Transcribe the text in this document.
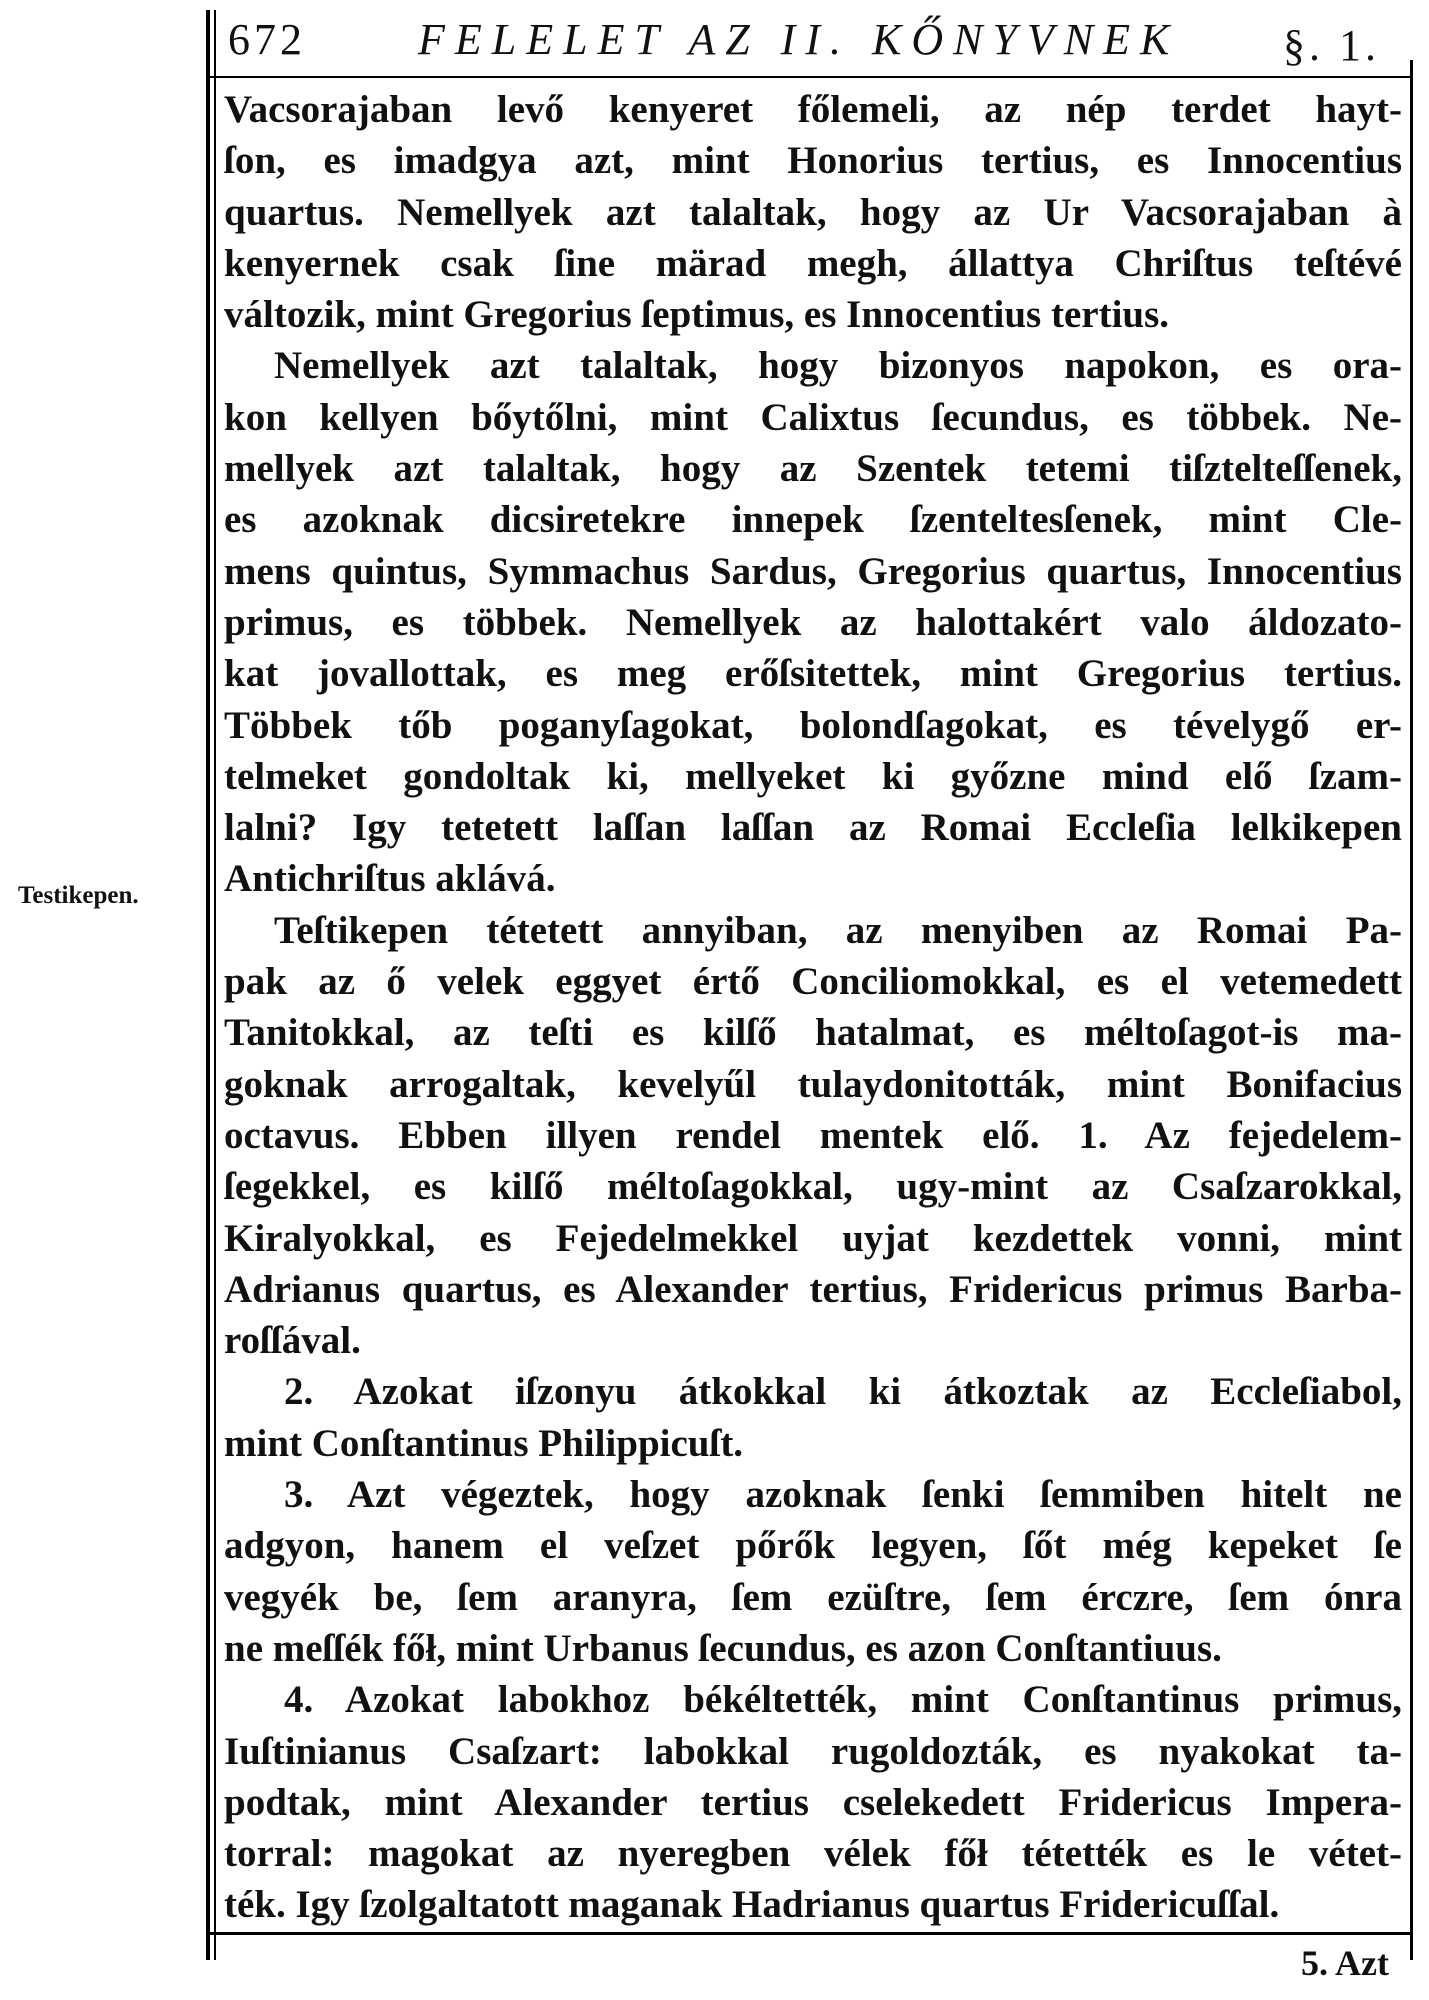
672	FELELET AZ II. KŐNYVNEK §. 1.
Testikepen.
Vacsorajaban levő kenyeret főlemeli, az nép terdet hayt-
ſon, es imadgya azt, mint Honorius tertius, es Innocentius
quartus. Nemellyek azt talaltak, hogy az Ur Vacsorajaban à
kenyernek csak ſine märad megh, állattya Chriſtus teſtévé
változik, mint Gregorius ſeptimus, es Innocentius tertius.
Nemellyek azt talaltak, hogy bizonyos napokon, es ora-
kon kellyen bőytőlni, mint Calixtus ſecundus, es többek. Ne-
mellyek azt talaltak, hogy az Szentek tetemi tiſztelteſſenek,
es azoknak dicsiretekre innepek ſzenteltesſenek, mint Cle-
mens quintus, Symmachus Sardus, Gregorius quartus, Innocentius
primus, es többek. Nemellyek az halottakért valo áldozato-
kat jovallottak, es meg erőſsitettek, mint Gregorius tertius.
Többek tőb poganyſagokat, bolondſagokat, es tévelygő er-
telmeket gondoltak ki, mellyeket ki győzne mind elő ſzam-
lalni? Igy tetetett laſſan laſſan az Romai Eccleſia lelkikepen
Antichriſtus aklává.
Teſtikepen tétetett annyiban, az menyiben az Romai Pa-
pak az ő velek eggyet értő Conciliomokkal, es el vetemedett
Tanitokkal, az teſti es kilſő hatalmat, es méltoſagot-is ma-
goknak arrogaltak, kevelyűl tulaydonitották, mint Bonifacius
octavus. Ebben illyen rendel mentek elő. 1. Az fejedelem-
ſegekkel, es kilſő méltoſagokkal, ugy-mint az Csaſzarokkal,
Kiralyokkal, es Fejedelmekkel uyjat kezdettek vonni, mint
Adrianus quartus, es Alexander tertius, Fridericus primus Barba-
roſſával.
2. Azokat iſzonyu átkokkal ki átkoztak az Eccleſiabol,
mint Conſtantinus Philippicuſt.
3. Azt végeztek, hogy azoknak ſenki ſemmiben hitelt ne
adgyon, hanem el veſzet pőrők legyen, ſőt még kepeket ſe
vegyék be, ſem aranyra, ſem ezüſtre, ſem érczre, ſem ónra
ne meſſék főł, mint Urbanus ſecundus, es azon Conſtantiuus.
4. Azokat labokhoz békéltették, mint Conſtantinus primus,
Iuſtinianus Csaſzart: labokkal rugoldozták, es nyakokat ta-
podtak, mint Alexander tertius cselekedett Fridericus Impera-
torral: magokat az nyeregben vélek főł tétették es le vétet-
ték. Igy ſzolgaltatott maganak Hadrianus quartus Fridericuſſal.
5. Azt
